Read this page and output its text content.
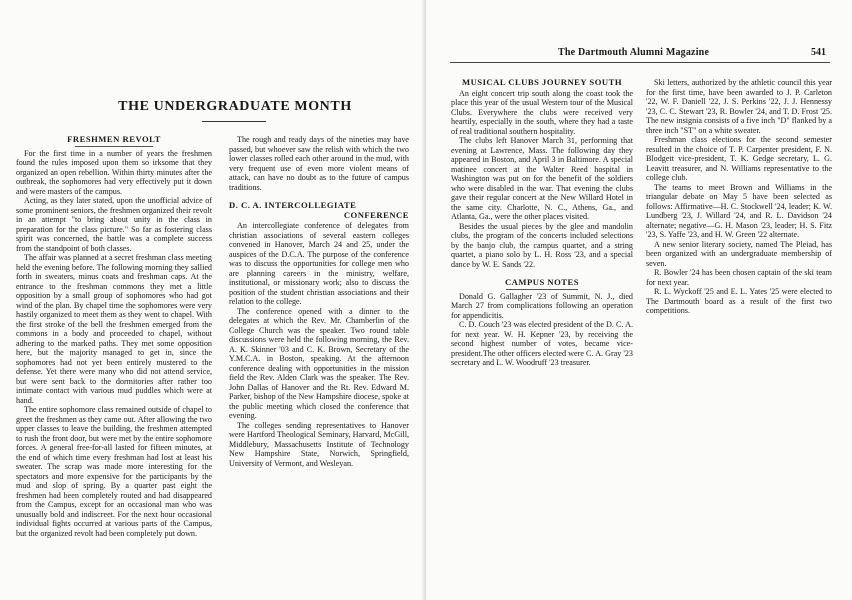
THE UNDERGRADUATE MONTH
FRESHMEN REVOLT

For the first time in a number of years the freshmen found the rules imposed upon them so irksome that they organized an open rebellion. Within thirty minutes after the outbreak, the sophomores had very effectively put it down and were masters of the campus.

Acting, as they later stated, upon the unofficial advice of some prominent seniors, the freshmen organized their revolt in an attempt "to bring about unity in the class in preparation for the class picture." So far as fostering class spirit was concerned, the battle was a complete success from the standpoint of both classes.

The affair was planned at a secret freshman class meeting held the evening before. The following morning they sallied forth in sweaters, minus coats and freshman caps. At the entrance to the freshman commons they met a little opposition by a small group of sophomores who had got wind of the plan. By chapel time the sophomores were very hastily organized to meet them as they went to chapel. With the first stroke of the bell the freshmen emerged from the commons in a body and proceeded to chapel, without adhering to the marked paths. They met some opposition here, but the majority managed to get in, since the sophomores had not yet been entirely mustered to the defense. Yet there were many who did not attend service, but were sent back to the dormitories after rather too intimate contact with various mud puddles which were at hand.

The entire sophomore class remained outside of chapel to greet the freshmen as they came out. After allowing the two upper classes to leave the building, the freshmen attempted to rush the front door, but were met by the entire sophomore forces. A general free-for-all lasted for fifteen minutes, at the end of which time every freshman had lost at least his sweater. The scrap was made more interesting for the spectators and more expensive for the participants by the mud and slop of spring. By a quarter past eight the freshmen had been completely routed and had disappeared from the Campus, except for an occasional man who was unusually bold and indiscreet. For the next hour occasional individual fights occurred at various parts of the Campus, but the organized revolt had been completely put down.

The rough and ready days of the nineties may have passed, but whoever saw the relish with which the two lower classes rolled each other around in the mud, with very frequent use of even more violent means of attack, can have no doubt as to the future of campus traditions.

D. C. A. INTERCOLLEGIATE
CONFERENCE

An intercollegiate conference of delegates from christian associations of several eastern colleges convened in Hanover, March 24 and 25, under the auspices of the D.C.A. The purpose of the conference was to discuss the opportunities for college men who are planning careers in the ministry, welfare, institutional, or missionary work; also to discuss the position of the student christian associations and their relation to the college.

The conference opened with a dinner to the delegates at which the Rev. Mr. Chamberlin of the College Church was the speaker. Two round table discussions were held the following morning, the Rev. A. K. Skinner '03 and C. K. Brown, Secretary of the Y.M.C.A. in Boston, speaking. At the afternoon conference dealing with opportunities in the mission field the Rev. Alden Clark was the speaker. The Rev. John Dallas of Hanover and the Rt. Rev. Edward M. Parker, bishop of the New Hampshire diocese, spoke at the public meeting which closed the conference that evening.

The colleges sending representatives to Hanover were Hartford Theological Seminary, Harvard, McGill, Middlebury, Massachusetts Institute of Technology New Hampshire State, Norwich, Springfield, University of Vermont, and Wesleyan.

The Dartmouth Alumni Magazine	541
MUSICAL CLUBS JOURNEY SOUTH

An eight concert trip south along the coast took the place this year of the usual Western tour of the Musical Clubs. Everywhere the clubs were received very heartily, especially in the south, where they had a taste of real traditional southern hospitality.

The clubs left Hanover March 31, performing that evening at Lawrence, Mass. The following day they appeared in Boston, and April 3 in Baltimore. A special matinee concert at the Walter Reed hospital in Washington was put on for the benefit of the soldiers who were disabled in the war. That evening the clubs gave their regular concert at the New Willard Hotel in the same city. Charlotte, N. C., Athens, Ga., and Atlanta, Ga., were the other places visited.

Besides the usual pieces by the glee and mandolin clubs, the program of the concerts included selections by the banjo club, the campus quartet, and a string quartet, a piano solo by L. H. Ross '23, and a special dance by W. E. Sands '22.

CAMPUS NOTES

Donald G. Gallagher '23 of Summit, N. J., died March 27 from complications following an operation for appendicitis.

C. D. Couch '23 was elected president of the D. C. A. for next year. W. H. Kepner '23, by receiving the second highest number of votes, became vice-president.The other officers elected were C. A. Gray '23 secretary and L. W. Woodruff '23 treasurer.

Ski letters, authorized by the athletic council this year for the first time, have been awarded to J. P. Carleton '22, W. F. Daniell '22, J. S. Perkins '22, J. J. Hennessy '23, C. C. Stewart '23, R. Bowler '24, and T. D. Frost '25. The new insignia consists of a five inch "D" flanked by a three inch "ST" on a white sweater.

Freshman class elections for the second semester resulted in the choice of T. P. Carpenter president, F. N. Blodgett vice-president, T. K. Gedge secretary, L. G. Leavitt treasurer, and N. Williams representative to the college club.

The teams to meet Brown and Williams in the triangular debate on May 5 have been selected as follows: Affirmative—H. C. Stockwell '24, leader; K. W. Lundberg '23, J. Willard '24, and R. L. Davidson '24 alternate; negative—G. H. Mason '23, leader; H. S. Fitz '23, S. Yaffe '23, and H. W. Green '22 alternate.

A new senior literary society, named The Pleiad, has been organized with an undergraduate membership of seven.

R. Bowler '24 has been chosen captain of the ski team for next year.

R. L. Wyckoff '25 and E. L. Yates '25 were elected to The Dartmouth board as a result of the first two competitions.
